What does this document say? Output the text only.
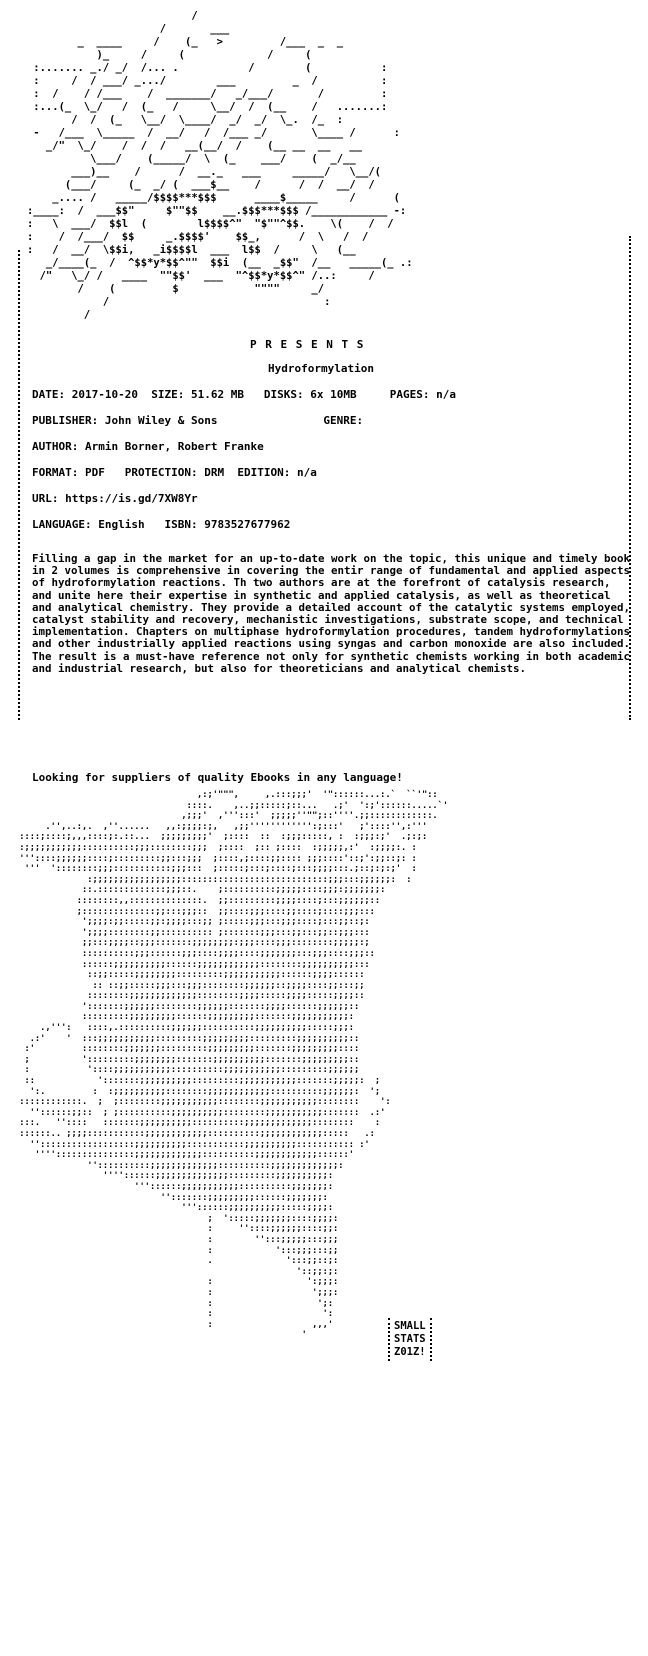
/
/       ___
_  ____     /    (_   >         /___  _  _
)_     /     (             /     (
:....... _./ _/  /... .           /        (           :
:     /  / ___/ _.../        ___         _  /          :
:  /    / /___    /  _______/   _/___/       /         :
:...(_  \_/   /  (_   /     \__/  /  (__    /   .......:
/  /  (_   \__/  \____/  _/  _/  \_.  /_  :
-   /___  \_____  /  __/   /  /___ _/       \____ /      :
_/"  \_/    /  /  /   __(__/  /    (__ __  __   __
\___/    (_____/  \  (_    ___/    (  _/__
___)__    /      /  __._   ___     _____/   \__/(
(___/     (_  _/ (  ___$__    /      /  /  __/  /
_.... /   _____/$$$$***$$$      ____$_____     /      (
:____:  /  ___$$"     $""$$    __.$$$***$$$ /____________ -:
:   \  ___/  $$l  (        l$$$$^"  "$""^$$.    \(    /  /
:    /  /___/  $$     _.$$$$'    $$_,      /  \   /  /
:   /  __/  \$$i,   _i$$$$l  ___  l$$  /     \   (__
_/____(_  /  ^$$*y*$$^""  $$i  (__  _$$"  /__   _____(_ .:
/"   \_/ /   ____  ""$$'  ___  "^$$*y*$$^" /..:     /
/    (         $            """"     _/
/                                  :
/
P R E S E N T S
Hydroformylation
DATE: 2017-10-20 SIZE: 51.62 MB DISKS: 6x 10MB	PAGES: n/a
PUBLISHER: John Wiley & Sons	GENRE:
AUTHOR: Armin Borner, Robert Franke
FORMAT: PDF PROTECTION: DRM EDITION: n/a
URL: https://is.gd/7XW8Yr
LANGUAGE: English ISBN: 9783527677962
Filling a gap in the market for an up-to-date work on the topic, this unique and timely book in 2 volumes is comprehensive in covering the entir range of fundamental and applied aspects of hydroformylation reactions. Th two authors are at the forefront of catalysis research, and unite here their expertise in synthetic and applied catalysis, as well as theoretical and analytical chemistry. They provide a detailed account of the catalytic systems employed, catalyst stability and recovery, mechanistic investigations, substrate scope, and technical implementation. Chapters on multiphase hydroformylation procedures, tandem hydroformylations and other industrially applied reactions using syngas and carbon monoxide are also included. The result is a must-have reference not only for synthetic chemists working in both academic and industrial research, but also for theoreticians and analytical chemists.
Looking for suppliers of quality Ebooks in any language!
,:;'""",     ,.:::;;;'  '"::::::...:.`  ``'"::
::::.    ,..;;:::::;::...   .;'  ':;'::::::.....`'
,;;;'  ,''':::'  ;;;;;''"";::''''.;;::::::::::::.
.'',..:,.  ,''......   ,,:;;;;:;,   ,;;'''''''''''':;:::'   ;'::::'',:'''
::::;::::;,,,::::;:.::...  ;;;;;;;;;'  ;::::  ::  :;;;:::::, :  :;;;:;'  .;:;:
:;;;;;;;;;;;::::::::::;;;::::::::;;;  ;::::  ;:: ;::::  :;;;;;,:'  :;;;;:. :
'''::::;;;;;;::::;:::::::::;;:::;;;  ;::::,;::::;;:::: ;;;::::'::;':;;::;: :
'''  '::::::::;;;:::::::::::;;;:::  ;:::::;:::;::::;:::;;;;:::.;::;:;:;'  :
:;;;;;;;;;;;;;;;;;::::::::::::::::::::::::::::;;;:::;;;;;;:  :
::.:::::::::::::;;;::.    ;::::::::::;;;;;::::;;;:;;;;;;;:
::::::::,,::::::::::::::.  ;;:::::::::;;;;::::;:::;;;;;;::
;::::::::::::::;;:::;;;::  ;;::::;;;::::;;::::;::::;;;:::
';;;;:;;:::::;;:;;;;:::;; ;:::::;;;:::;;;::::;:::;;::;:
';;;;::::::::;;:::::::::: ;:::::::;;;:::;;:::;;::;;;:::
;;:::;;;;::;;;:::::::;;;;;;;;:;;;::::;;;::::::::;;;;;:;
::::::::::;;;::::::;;;::::;;;;::::;;;;;;;:::;;;::::;;;::
::::::;;;;;;;;;;::::::;;;;;;;;;;;;::::::::;;;;;;;;;;:::
::;;:::::;;;;;;;;:::::::::;;;;;;;;;;;::::::;;;;::::::
:: ::;;:::::;;;:::;;;::::::::;;;;;;::;;;;::::;;:::;;
::::::::;;;;;;;;;;;;;::::::::;;;;:::::;;;;:::::;;;;::
':::::::;;;;;;::::::::;;;;;;:::::::;;;;::::::;;;;;;::
:::::::::;;;;;;;;;::::::;;;;;;;;;:::::::;;;;;;;;;;;:
.,''':   ::::,.::::::::::;;;;;;::::::::::;;;;;;;;;;:::::;;;:
.:'    '  :::;;;;;;;;;;;:::::::::;;;;;;;;;:::::::::;;;;;;;;;;::
:'         ::::::::;;;;;;;:::::::::;;;;;;;;;:::::::;;;;;;;;;::::
;          ':::::::::;;;;;;;;:::::::;;;;;;;;;;:::::::;;;;;;;;;::
:           '::::;;;;;;;;;;;::::::::::;;;;;;;;;;;:::::::::;;;;;;
::            ':::::::;;;;;;;;;;:::::::::;;;;;;;;;;;:::::::;;;;;:  ;
':.         :  :;;;;;;;;;;::::::::;;;;;;;;;;;;::::::::::;;;;;;:  ';
::::::::::::.  ;  ;::::::::;;;;;;;;;;;::::::::;;;;;;;;;;;::::::::    ':
''::::::;;::  ; ;::::::::::;;;;;;;;;;::::::::;;;;;;;;;;;:::::::  .:'
:::.   ''::::   :::::::;;;;;;;;;;::::::::::;;;;;;;;;;;;;::::::::    :
::::::.. ;;;;:::::::::::;;;;;;;;;;;;::::::::::;;;;;;;;;;;;:::::   .:
''::::::::::::::::::;;;;;;;;;;:::::::::::;;;;;;;;;;::::::::::: :'
'''':::::::::::::::;;;;;;;;;;;;;::::::::::;;;;;;;;;;;;::::::'
''::::::::::;;;;;;;;;;;;;::::::::::;;;;;;;;;;;;;:
''''::::::;;;;;;;;;;;;;;:::::::::;;;;;;;;;;:
'''::::::;;;;;;;;;;;::::::::::;;;;;;;:
'':::::::;;;;;;;;;::::::;;;;;;;:
'''::::::;;;;;;;;;;:::::;;;;:
;  ':::::;;;;;;;::::;;;;:
:     ''::::;;;;;;::::;;:
:        '':::;;;;;:::;;;
:            ':::;;;:::;;
.              ':::;;::;:
'::;;:;:
:                  ':;;;:
:                   ';;;:
:                    ';:
:                     ':
:                   ,,,'
'
SMALL
STATS
Z01Z!
